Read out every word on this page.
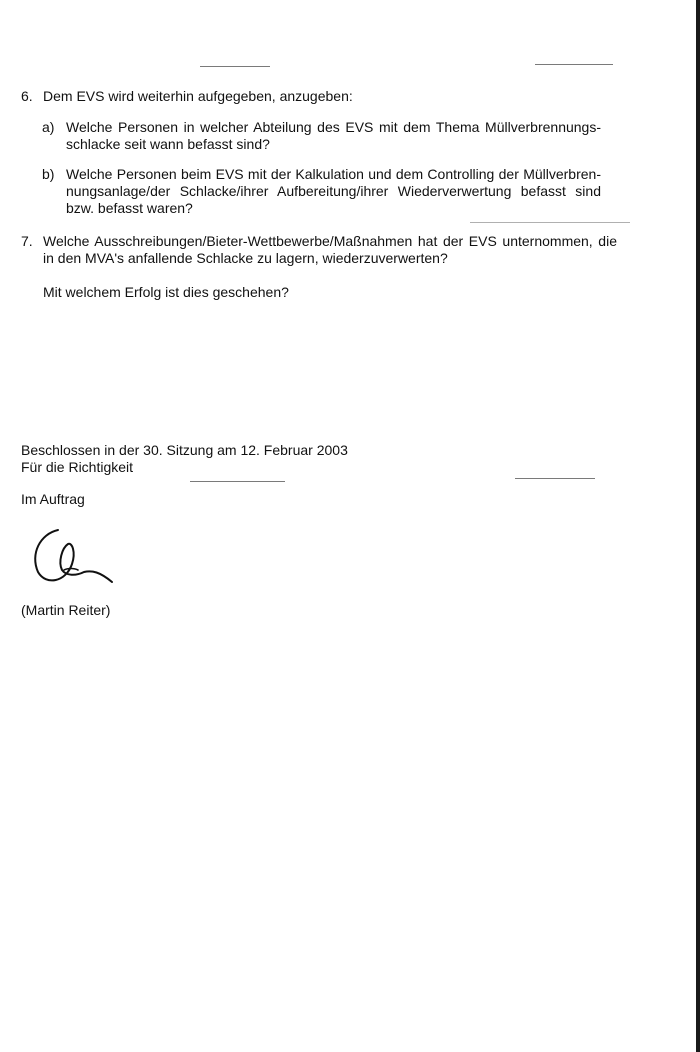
6. Dem EVS wird weiterhin aufgegeben, anzugeben:
a) Welche Personen in welcher Abteilung des EVS mit dem Thema Müllverbrennungs-schlacke seit wann befasst sind?
b) Welche Personen beim EVS mit der Kalkulation und dem Controlling der Müllverbren-nungsanlage/der Schlacke/ihrer Aufbereitung/ihrer Wiederverwertung befasst sind bzw. befasst waren?
7. Welche Ausschreibungen/Bieter-Wettbewerbe/Maßnahmen hat der EVS unternommen, die in den MVA's anfallende Schlacke zu lagern, wiederzuverwerten?
Mit welchem Erfolg ist dies geschehen?
Beschlossen in der 30. Sitzung am 12. Februar 2003
Für die Richtigkeit
Im Auftrag
(Martin Reiter)
